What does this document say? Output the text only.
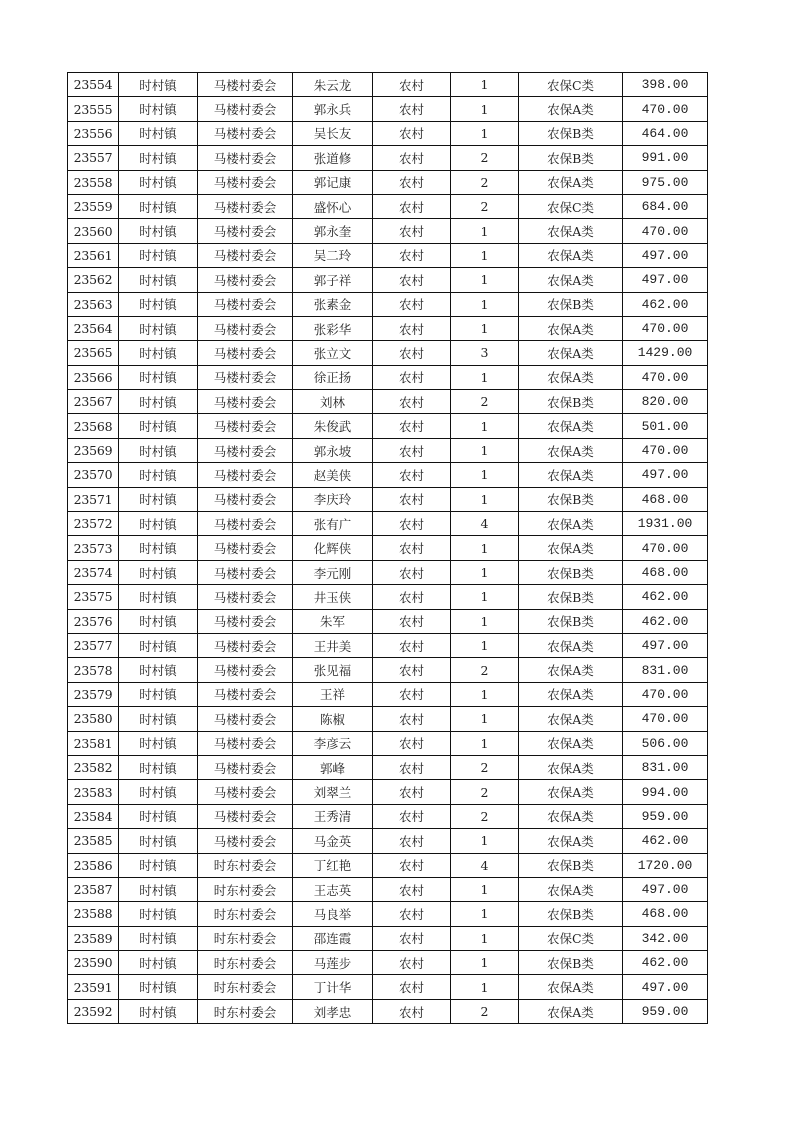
23554	时村镇	马楼村委会	朱云龙	农村	1	农保C类	398.00
23555	时村镇	马楼村委会	郭永兵	农村	1	农保A类	470.00
23556	时村镇	马楼村委会	吴长友	农村	1	农保B类	464.00
23557	时村镇	马楼村委会	张道修	农村	2	农保B类	991.00
23558	时村镇	马楼村委会	郭记康	农村	2	农保A类	975.00
23559	时村镇	马楼村委会	盛怀心	农村	2	农保C类	684.00
23560	时村镇	马楼村委会	郭永奎	农村	1	农保A类	470.00
23561	时村镇	马楼村委会	吴二玲	农村	1	农保A类	497.00
23562	时村镇	马楼村委会	郭子祥	农村	1	农保A类	497.00
23563	时村镇	马楼村委会	张素金	农村	1	农保B类	462.00
23564	时村镇	马楼村委会	张彩华	农村	1	农保A类	470.00
23565	时村镇	马楼村委会	张立文	农村	3	农保A类	1429.00
23566	时村镇	马楼村委会	徐正扬	农村	1	农保A类	470.00
23567	时村镇	马楼村委会	刘林	农村	2	农保B类	820.00
23568	时村镇	马楼村委会	朱俊武	农村	1	农保A类	501.00
23569	时村镇	马楼村委会	郭永坡	农村	1	农保A类	470.00
23570	时村镇	马楼村委会	赵美侠	农村	1	农保A类	497.00
23571	时村镇	马楼村委会	李庆玲	农村	1	农保B类	468.00
23572	时村镇	马楼村委会	张有广	农村	4	农保A类	1931.00
23573	时村镇	马楼村委会	化辉侠	农村	1	农保A类	470.00
23574	时村镇	马楼村委会	李元刚	农村	1	农保B类	468.00
23575	时村镇	马楼村委会	井玉侠	农村	1	农保B类	462.00
23576	时村镇	马楼村委会	朱军	农村	1	农保B类	462.00
23577	时村镇	马楼村委会	王井美	农村	1	农保A类	497.00
23578	时村镇	马楼村委会	张见福	农村	2	农保A类	831.00
23579	时村镇	马楼村委会	王祥	农村	1	农保A类	470.00
23580	时村镇	马楼村委会	陈椒	农村	1	农保A类	470.00
23581	时村镇	马楼村委会	李彦云	农村	1	农保A类	506.00
23582	时村镇	马楼村委会	郭峰	农村	2	农保A类	831.00
23583	时村镇	马楼村委会	刘翠兰	农村	2	农保A类	994.00
23584	时村镇	马楼村委会	王秀清	农村	2	农保A类	959.00
23585	时村镇	马楼村委会	马金英	农村	1	农保A类	462.00
23586	时村镇	时东村委会	丁红艳	农村	4	农保B类	1720.00
23587	时村镇	时东村委会	王志英	农村	1	农保A类	497.00
23588	时村镇	时东村委会	马良举	农村	1	农保B类	468.00
23589	时村镇	时东村委会	邵连霞	农村	1	农保C类	342.00
23590	时村镇	时东村委会	马莲步	农村	1	农保B类	462.00
23591	时村镇	时东村委会	丁计华	农村	1	农保A类	497.00
23592	时村镇	时东村委会	刘孝忠	农村	2	农保A类	959.00
